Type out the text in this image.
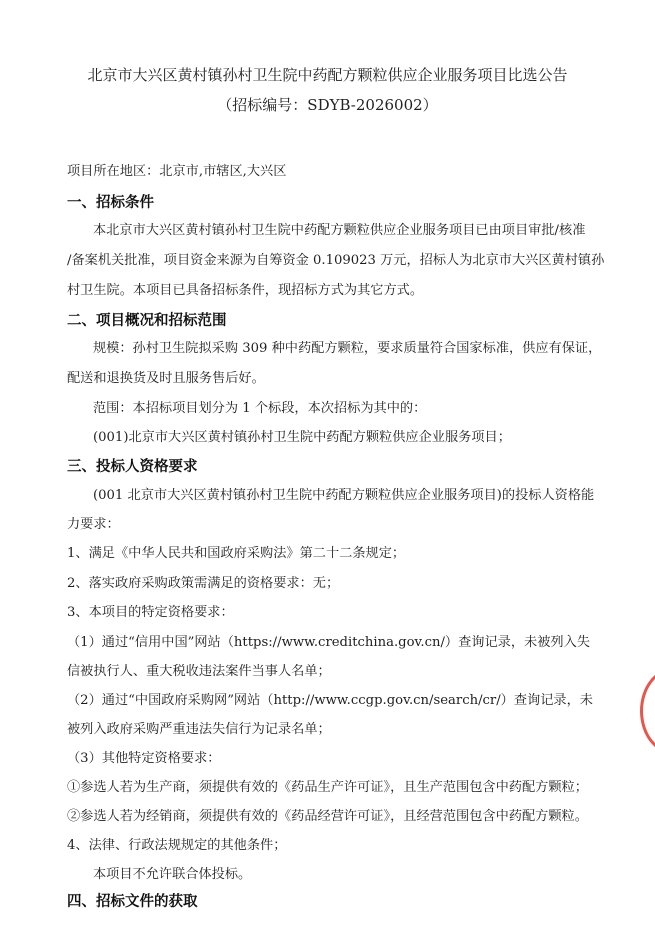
北京市大兴区黄村镇孙村卫生院中药配方颗粒供应企业服务项目比选公告
（招标编号：SDYB-2026002）
项目所在地区：北京市,市辖区,大兴区
一、招标条件
本北京市大兴区黄村镇孙村卫生院中药配方颗粒供应企业服务项目已由项目审批/核准
/备案机关批准，项目资金来源为自筹资金 0.109023 万元，招标人为北京市大兴区黄村镇孙
村卫生院。本项目已具备招标条件，现招标方式为其它方式。
二、项目概况和招标范围
规模：孙村卫生院拟采购 309 种中药配方颗粒，要求质量符合国家标准，供应有保证，
配送和退换货及时且服务售后好。
范围：本招标项目划分为 1 个标段，本次招标为其中的：
(001)北京市大兴区黄村镇孙村卫生院中药配方颗粒供应企业服务项目；
三、投标人资格要求
(001 北京市大兴区黄村镇孙村卫生院中药配方颗粒供应企业服务项目)的投标人资格能
力要求：
1、满足《中华人民共和国政府采购法》第二十二条规定；
2、落实政府采购政策需满足的资格要求：无；
3、本项目的特定资格要求：
（1）通过“信用中国”网站（https://www.creditchina.gov.cn/）查询记录，未被列入失
信被执行人、重大税收违法案件当事人名单；
（2）通过“中国政府采购网”网站（http://www.ccgp.gov.cn/search/cr/）查询记录，未
被列入政府采购严重违法失信行为记录名单；
（3）其他特定资格要求：
①参选人若为生产商，须提供有效的《药品生产许可证》，且生产范围包含中药配方颗粒；
②参选人若为经销商，须提供有效的《药品经营许可证》，且经营范围包含中药配方颗粒。
4、法律、行政法规规定的其他条件；
本项目不允许联合体投标。
四、招标文件的获取
